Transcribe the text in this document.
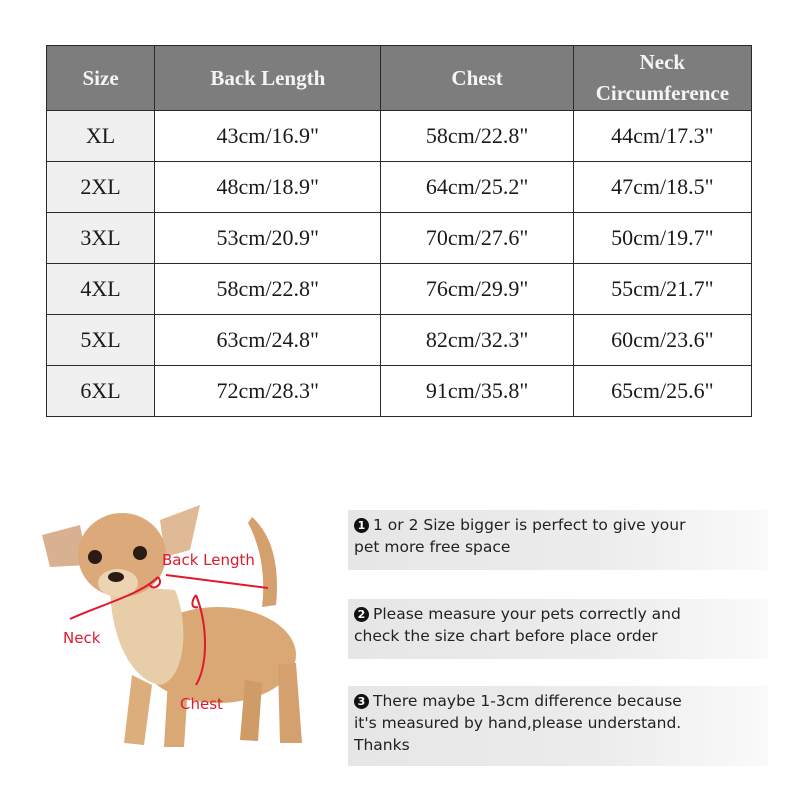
Size	Back Length	Chest	Neck
Circumference
XL	43cm/16.9"	58cm/22.8"	44cm/17.3"
2XL	48cm/18.9"	64cm/25.2"	47cm/18.5"
3XL	53cm/20.9"	70cm/27.6"	50cm/19.7"
4XL	58cm/22.8"	76cm/29.9"	55cm/21.7"
5XL	63cm/24.8"	82cm/32.3"	60cm/23.6"
6XL	72cm/28.3"	91cm/35.8"	65cm/25.6"
Back Length
Neck
Chest
1 1 or 2 Size bigger is perfect to give your
pet more free space
2 Please measure your pets correctly and
check the size chart before place order
3 There maybe 1-3cm difference because
it's measured by hand,please understand.
Thanks
